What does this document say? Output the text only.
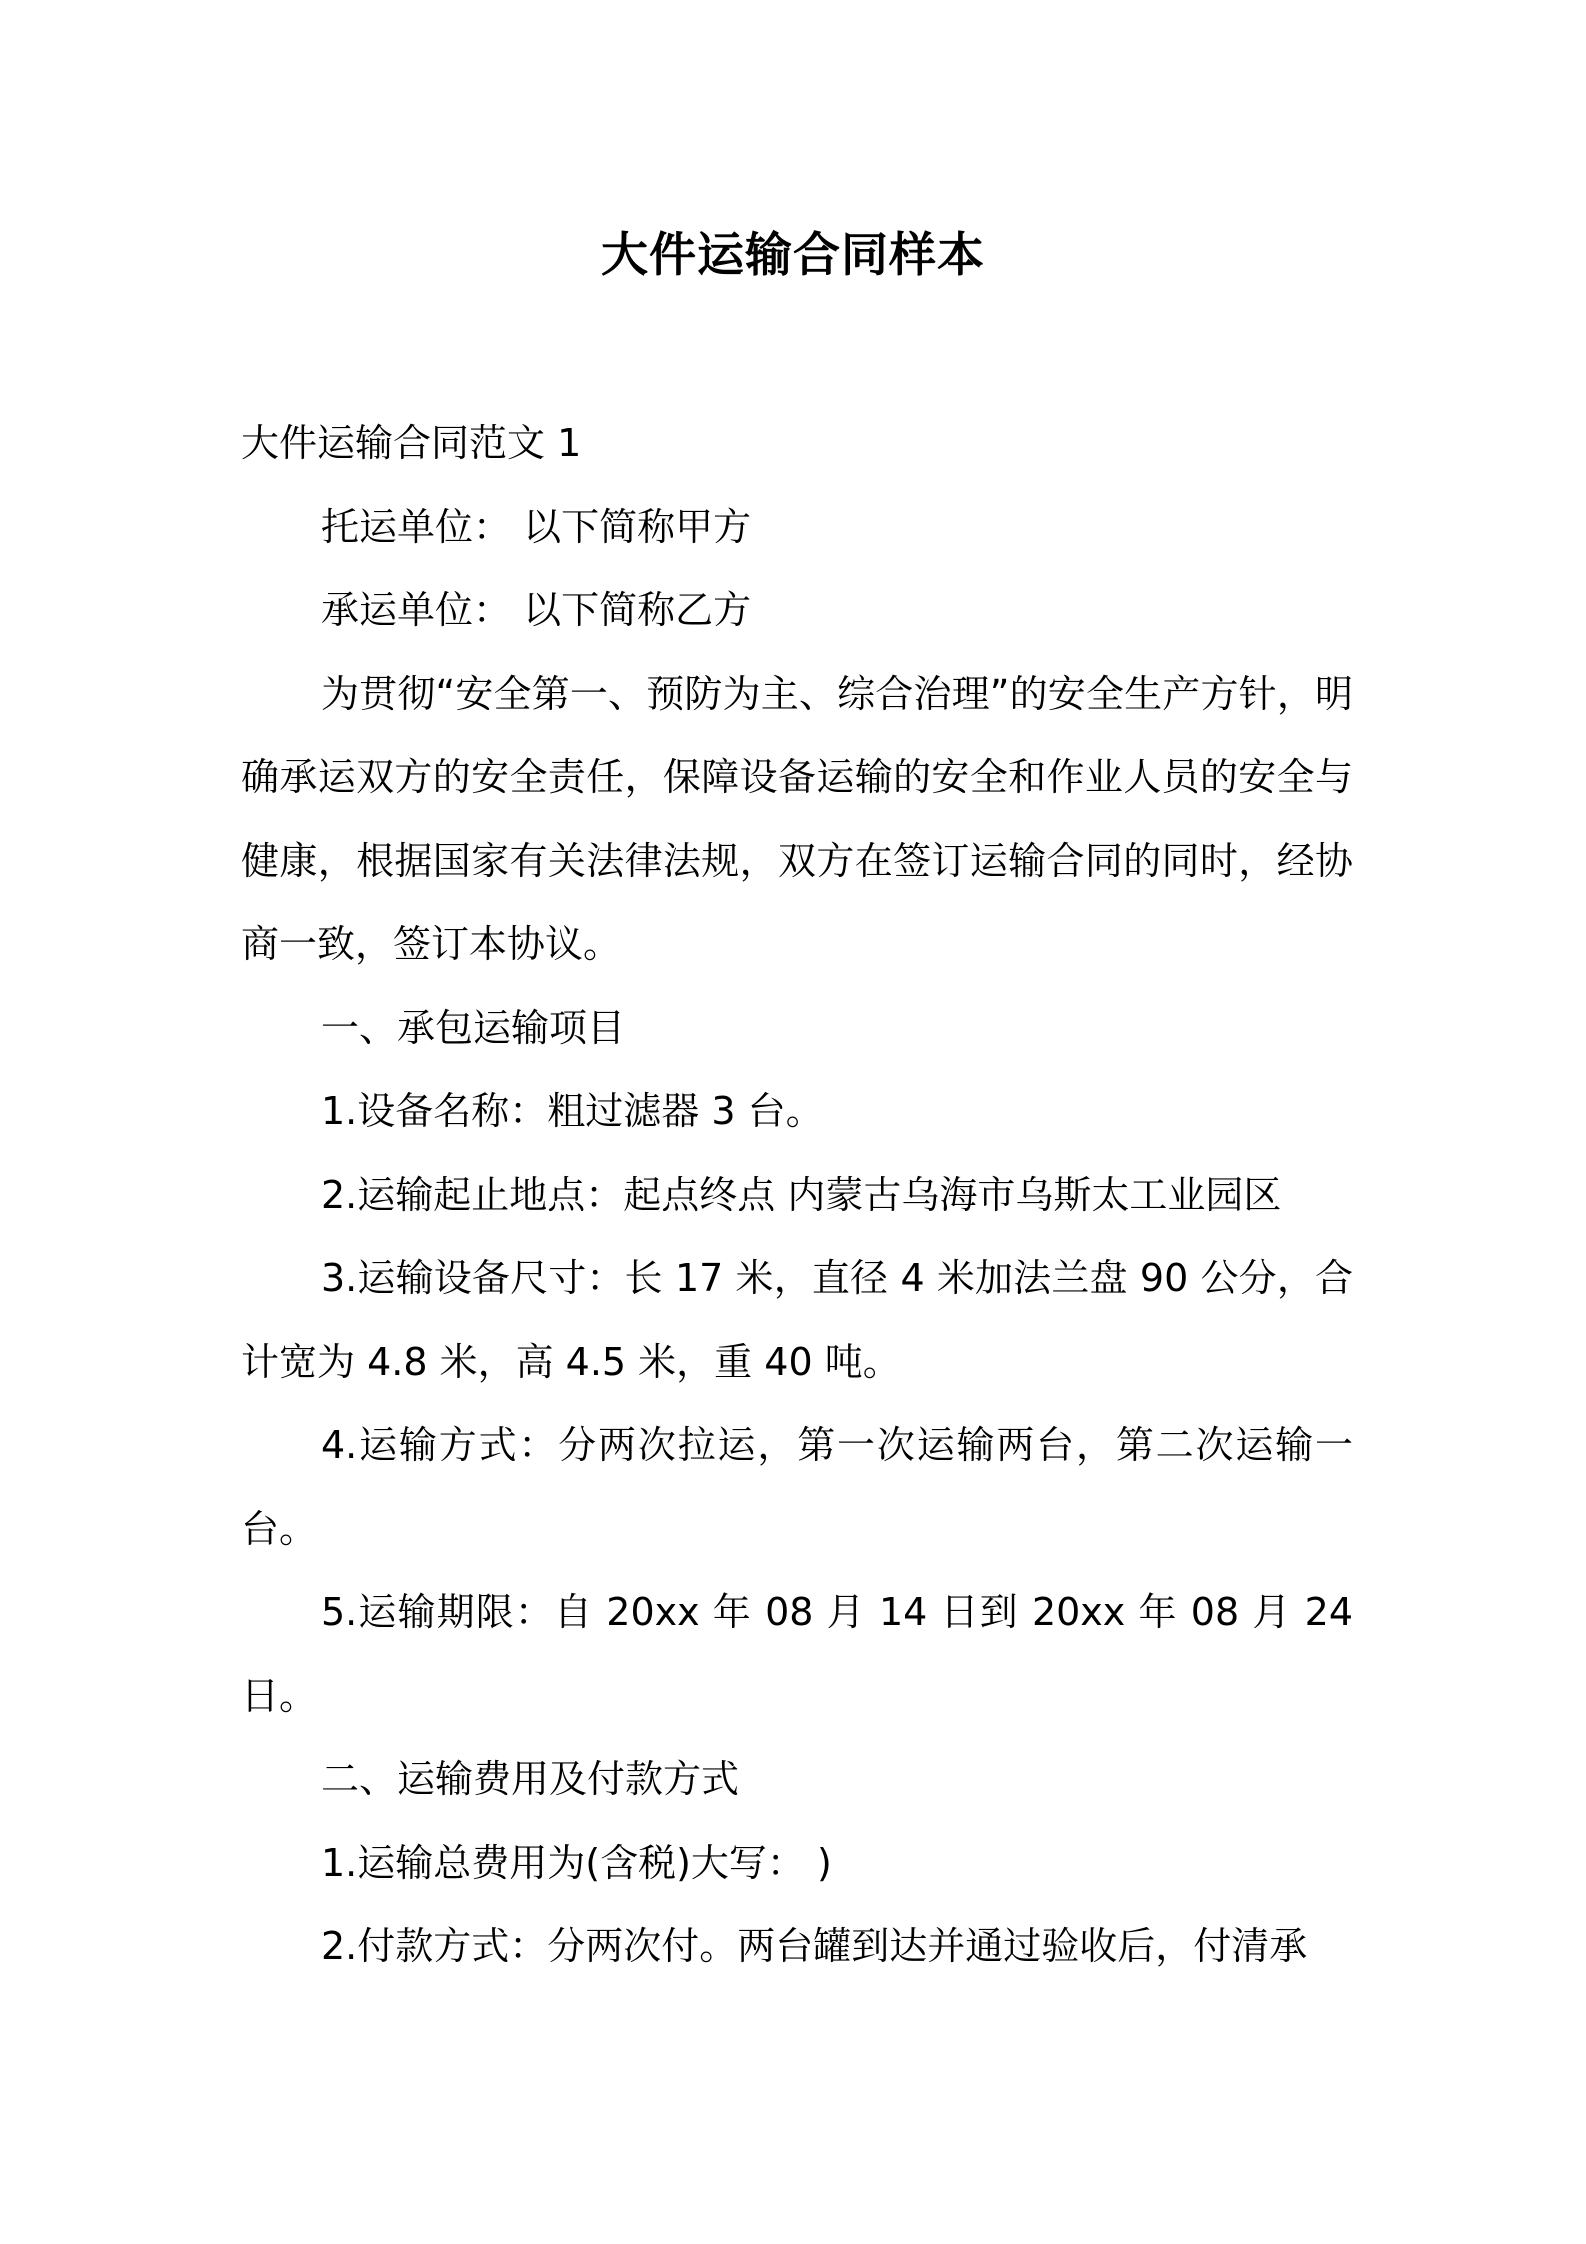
大件运输合同样本

大件运输合同范文 1

托运单位： 以下简称甲方

承运单位： 以下简称乙方

为贯彻“安全第一、预防为主、综合治理”的安全生产方针，明确承运双方的安全责任，保障设备运输的安全和作业人员的安全与健康，根据国家有关法律法规，双方在签订运输合同的同时，经协商一致，签订本协议。

一、承包运输项目

1.设备名称：粗过滤器 3 台。

2.运输起止地点：起点终点 内蒙古乌海市乌斯太工业园区

3.运输设备尺寸：长 17 米，直径 4 米加法兰盘 90 公分，合计宽为 4.8 米，高 4.5 米，重 40 吨。

4.运输方式：分两次拉运，第一次运输两台，第二次运输一台。

5.运输期限：自 20xx 年 08 月 14 日到 20xx 年 08 月 24 日。

二、运输费用及付款方式

1.运输总费用为(含税)大写： )

2.付款方式：分两次付。两台罐到达并通过验收后，付清承
